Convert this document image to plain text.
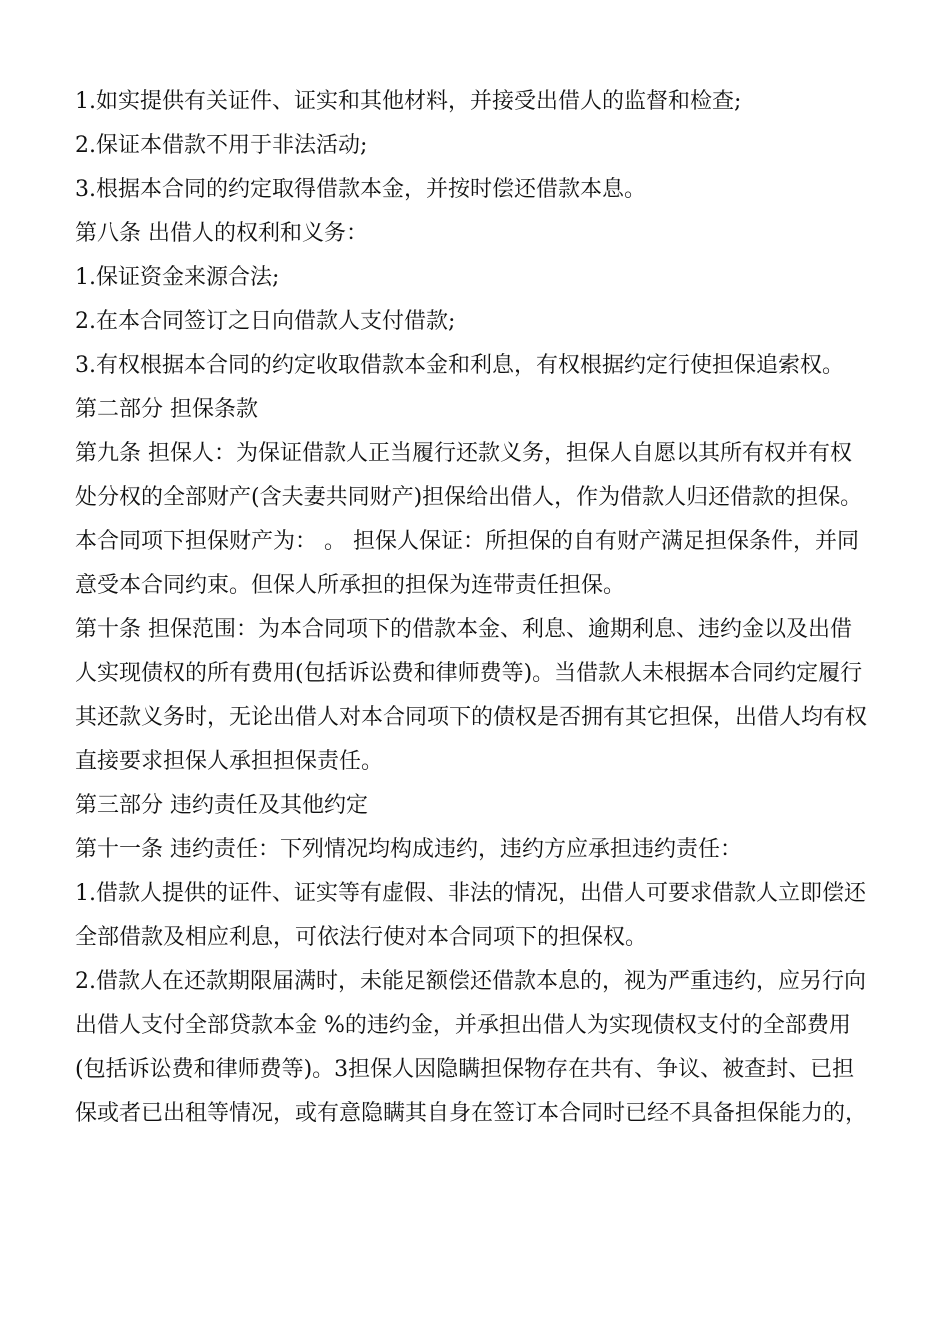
1.如实提供有关证件、证实和其他材料，并接受出借人的监督和检查;
2.保证本借款不用于非法活动;
3.根据本合同的约定取得借款本金，并按时偿还借款本息。
第八条 出借人的权利和义务：
1.保证资金来源合法;
2.在本合同签订之日向借款人支付借款;
3.有权根据本合同的约定收取借款本金和利息，有权根据约定行使担保追索权。
第二部分 担保条款
第九条 担保人：为保证借款人正当履行还款义务，担保人自愿以其所有权并有权
处分权的全部财产(含夫妻共同财产)担保给出借人，作为借款人归还借款的担保。
本合同项下担保财产为： 。 担保人保证：所担保的自有财产满足担保条件，并同
意受本合同约束。但保人所承担的担保为连带责任担保。
第十条 担保范围：为本合同项下的借款本金、利息、逾期利息、违约金以及出借
人实现债权的所有费用(包括诉讼费和律师费等)。当借款人未根据本合同约定履行
其还款义务时，无论出借人对本合同项下的债权是否拥有其它担保，出借人均有权
直接要求担保人承担担保责任。
第三部分 违约责任及其他约定
第十一条 违约责任：下列情况均构成违约，违约方应承担违约责任：
1.借款人提供的证件、证实等有虚假、非法的情况，出借人可要求借款人立即偿还
全部借款及相应利息，可依法行使对本合同项下的担保权。
2.借款人在还款期限届满时，未能足额偿还借款本息的，视为严重违约，应另行向
出借人支付全部贷款本金 %的违约金，并承担出借人为实现债权支付的全部费用
(包括诉讼费和律师费等)。3担保人因隐瞒担保物存在共有、争议、被查封、已担
保或者已出租等情况，或有意隐瞒其自身在签订本合同时已经不具备担保能力的，
